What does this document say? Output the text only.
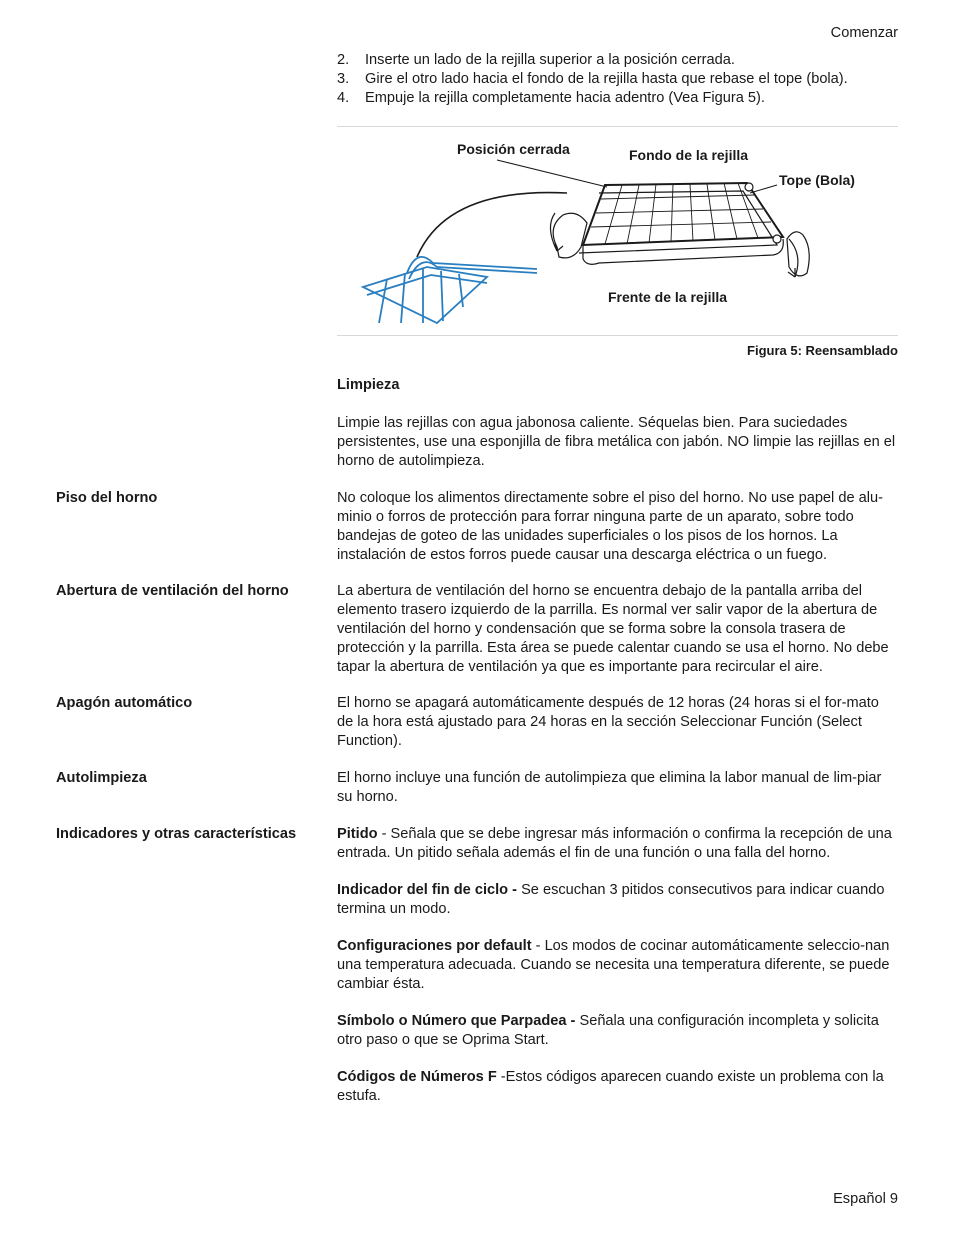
Comenzar
2. Inserte un lado de la rejilla superior a la posición cerrada.
3. Gire el otro lado hacia el fondo de la rejilla hasta que rebase el tope (bola).
4. Empuje la rejilla completamente hacia adentro (Vea Figura 5).
Posición cerrada	Fondo de la rejilla
Tope (Bola)
Frente de la rejilla
Figura 5: Reensamblado
Limpieza
Limpie las rejillas con agua jabonosa caliente. Séquelas bien. Para suciedades persistentes, use una esponjilla de fibra metálica con jabón. NO limpie las rejillas en el horno de autolimpieza.
Piso del horno	No coloque los alimentos directamente sobre el piso del horno. No use papel de alu-minio o forros de protección para forrar ninguna parte de un aparato, sobre todo bandejas de goteo de las unidades superficiales o los pisos de los hornos. La instalación de estos forros puede causar una descarga eléctrica o un fuego.
Abertura de ventilación del horno	La abertura de ventilación del horno se encuentra debajo de la pantalla arriba del elemento trasero izquierdo de la parrilla. Es normal ver salir vapor de la abertura de ventilación del horno y condensación que se forma sobre la consola trasera de protección y la parrilla. Esta área se puede calentar cuando se usa el horno. No debe tapar la abertura de ventilación ya que es importante para recircular el aire.
Apagón automático	El horno se apagará automáticamente después de 12 horas (24 horas si el for-mato de la hora está ajustado para 24 horas en la sección Seleccionar Función (Select Function).
Autolimpieza	El horno incluye una función de autolimpieza que elimina la labor manual de lim-piar su horno.
Indicadores y otras características	Pitido - Señala que se debe ingresar más información o confirma la recepción de una entrada. Un pitido señala además el fin de una función o una falla del horno.
Indicador del fin de ciclo - Se escuchan 3 pitidos consecutivos para indicar cuando termina un modo.
Configuraciones por default - Los modos de cocinar automáticamente seleccio-nan una temperatura adecuada. Cuando se necesita una temperatura diferente, se puede cambiar ésta.
Símbolo o Número que Parpadea - Señala una configuración incompleta y solicita otro paso o que se Oprima Start.
Códigos de Números F -Estos códigos aparecen cuando existe un problema con la estufa.
Español 9
